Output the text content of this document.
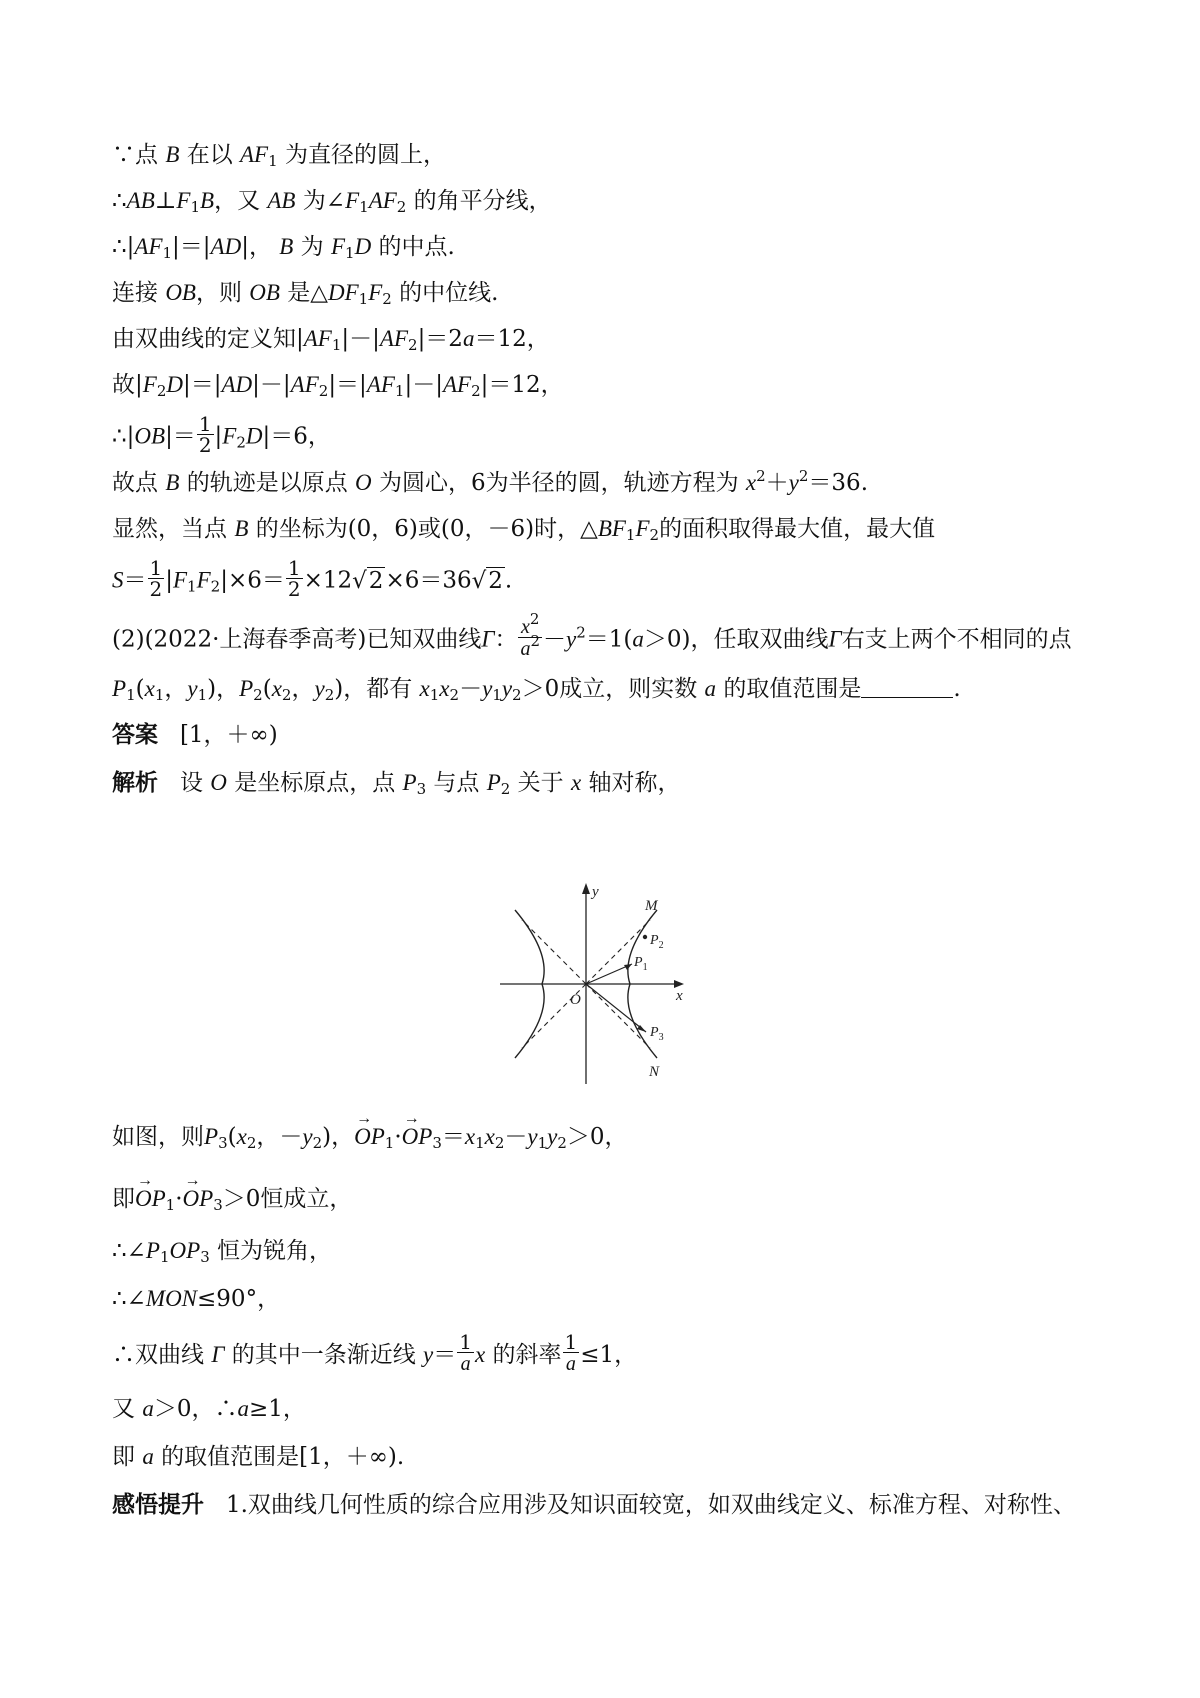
∵点 B 在以 $AF_1$ 为直径的圆上，
$\therefore AB\perp F_1B$，又 AB 为$\angle F_1AF_2$ 的角平分线，
$\therefore|AF_1|=|AD|$， B 为 $F_1D$ 的中点.
连接 OB，则 OB 是$\triangle DF_1F_2$ 的中位线.
由双曲线的定义知$|AF_1|-|AF_2|=2a=12$，
故$|F_2D|=|AD|-|AF_2|=|AF_1|-|AF_2|=12$，
∴|OB|＝ $\frac{1}{2} |F_2D|=6$，
故点 B 的轨迹是以原点 O 为圆心，6为半径的圆，轨迹方程为 $x^2+y^2=36$.
显然，当点 B 的坐标为(0，6)或(0，－6)时，$\triangle BF_1F_2$的面积取得最大值，最大值
$S= \frac{1}{2} |F_1F_2|\times 6= \frac{1}{2} \times 12√2\times 6=36√2$.
(2)(2022·上海春季高考)已知双曲线Γ： $\frac{x^2}{a^2} -y^2=1(a>0)$，任取双曲线Γ右支上两个不相同的点
$P_1(x_1$，$y_1$)，$P_2(x_2$，$y_2$)，都有 $x_1x_2-y_1y_2>0$成立，则实数 a 的取值范围是	.
答案 [1，＋∞)
解析 设 O 是坐标原点，点 $P_3$ 与点 $P_2$ 关于 x 轴对称，
y
x
O
M
N
$P_2$
$P_1$
$P_3$
如图，则$P_3(x_2$，$-y_2$)，→ $OP_1\cdot\to OP_3=x_1x_2-y_1y_2>0$，
即→ $OP_1\cdot\to OP_3>0$恒成立，
$\therefore\angle P_1OP_3$ 恒为锐角，
∴∠MON≤90°，
∴双曲线 Γ 的其中一条渐近线 $y= \frac{1}{a}$ x 的斜率 $\frac{1}{a} \le 1$，
又 a＞0，∴a≥1，
即 a 的取值范围是[1，＋∞).
感悟提升 1.双曲线几何性质的综合应用涉及知识面较宽，如双曲线定义、标准方程、对称性、
